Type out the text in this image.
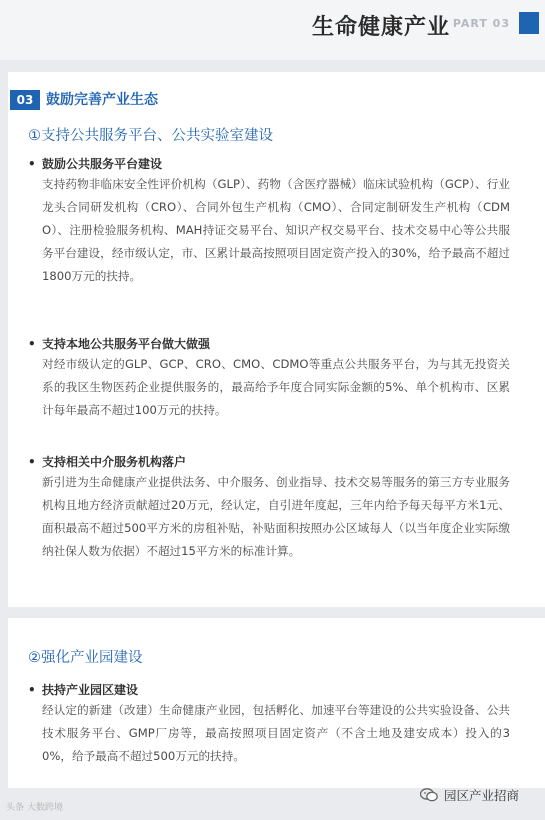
生命健康产业 PART 03
03 鼓励完善产业生态
①支持公共服务平台、公共实验室建设
• 鼓励公共服务平台建设
支持药物非临床安全性评价机构（GLP）、药物（含医疗器械）临床试验机构（GCP）、行业龙头合同研发机构（CRO）、合同外包生产机构（CMO）、合同定制研发生产机构（CDMO）、注册检验服务机构、MAH持证交易平台、知识产权交易平台、技术交易中心等公共服务平台建设，经市级认定，市、区累计最高按照项目固定资产投入的30%，给予最高不超过1800万元的扶持。
• 支持本地公共服务平台做大做强
对经市级认定的GLP、GCP、CRO、CMO、CDMO等重点公共服务平台，为与其无投资关系的我区生物医药企业提供服务的，最高给予年度合同实际金额的5%、单个机构市、区累计每年最高不超过100万元的扶持。
• 支持相关中介服务机构落户
新引进为生命健康产业提供法务、中介服务、创业指导、技术交易等服务的第三方专业服务机构且地方经济贡献超过20万元，经认定，自引进年度起，三年内给予每天每平方米1元、面积最高不超过500平方米的房租补贴，补贴面积按照办公区域每人（以当年度企业实际缴纳社保人数为依据）不超过15平方米的标准计算。
②强化产业园建设
• 扶持产业园区建设
经认定的新建（改建）生命健康产业园，包括孵化、加速平台等建设的公共实验设备、公共技术服务平台、GMP厂房等，最高按照项目固定资产（不含土地及建安成本）投入的30%，给予最高不超过500万元的扶持。
头条 大数跨境
园区产业招商
